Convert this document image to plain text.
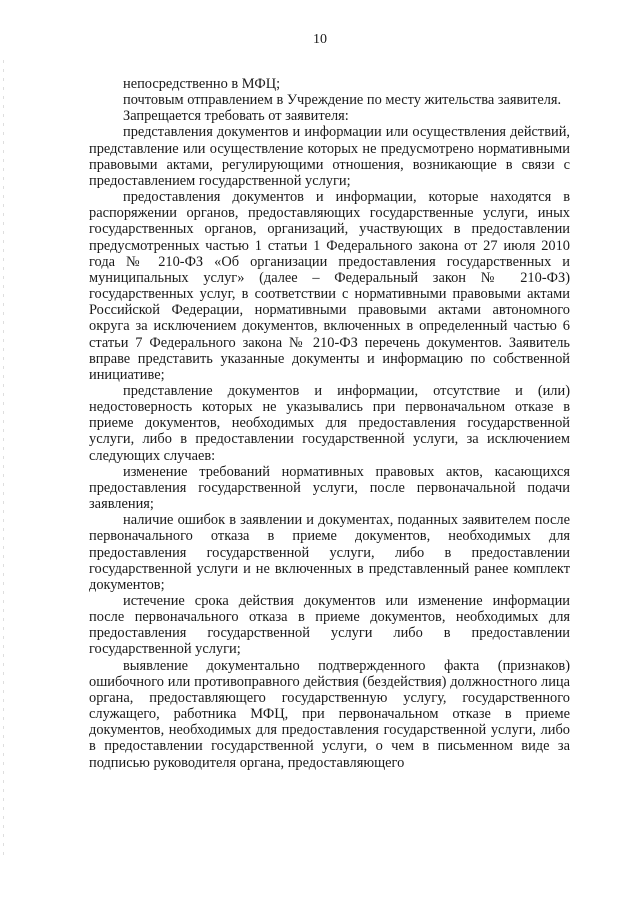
10

непосредственно в МФЦ;

почтовым отправлением в Учреждение по месту жительства заявителя.

Запрещается требовать от заявителя:

представления документов и информации или осуществления действий, представление или осуществление которых не предусмотрено нормативными правовыми актами, регулирующими отношения, возникающие в связи с предоставлением государственной услуги;

предоставления документов и информации, которые находятся в распоряжении органов, предоставляющих государственные услуги, иных государственных органов, организаций, участвующих в предоставлении предусмотренных частью 1 статьи 1 Федерального закона от 27 июля 2010 года № 210-ФЗ «Об организации предоставления государственных и муниципальных услуг» (далее – Федеральный закон № 210-ФЗ) государственных услуг, в соответствии с нормативными правовыми актами Российской Федерации, нормативными правовыми актами автономного округа за исключением документов, включенных в определенный частью 6 статьи 7 Федерального закона № 210-ФЗ перечень документов. Заявитель вправе представить указанные документы и информацию по собственной инициативе;

представление документов и информации, отсутствие и (или) недостоверность которых не указывались при первоначальном отказе в приеме документов, необходимых для предоставления государственной услуги, либо в предоставлении государственной услуги, за исключением следующих случаев:

изменение требований нормативных правовых актов, касающихся предоставления государственной услуги, после первоначальной подачи заявления;

наличие ошибок в заявлении и документах, поданных заявителем после первоначального отказа в приеме документов, необходимых для предоставления государственной услуги, либо в предоставлении государственной услуги и не включенных в представленный ранее комплект документов;

истечение срока действия документов или изменение информации после первоначального отказа в приеме документов, необходимых для предоставления государственной услуги либо в предоставлении государственной услуги;

выявление документально подтвержденного факта (признаков) ошибочного или противоправного действия (бездействия) должностного лица органа, предоставляющего государственную услугу, государственного служащего, работника МФЦ, при первоначальном отказе в приеме документов, необходимых для предоставления государственной услуги, либо в предоставлении государственной услуги, о чем в письменном виде за подписью руководителя органа, предоставляющего
